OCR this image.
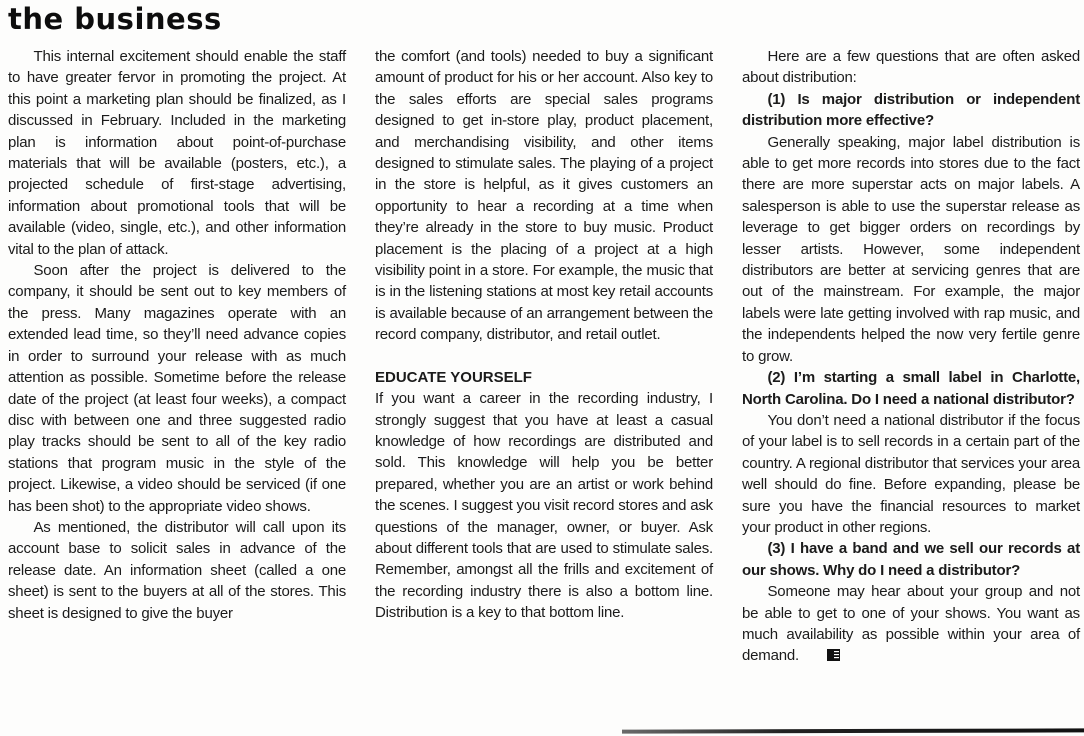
the business

This internal excitement should enable the staff to have greater fervor in promoting the project. At this point a marketing plan should be finalized, as I discussed in February. Included in the marketing plan is information about point-of-purchase materials that will be available (posters, etc.), a projected schedule of first-stage advertising, information about promotional tools that will be available (video, single, etc.), and other information vital to the plan of attack.

Soon after the project is delivered to the company, it should be sent out to key members of the press. Many magazines operate with an extended lead time, so they’ll need advance copies in order to surround your release with as much attention as possible. Sometime before the release date of the project (at least four weeks), a compact disc with between one and three suggested radio play tracks should be sent to all of the key radio stations that program music in the style of the project. Likewise, a video should be serviced (if one has been shot) to the appropriate video shows.

As mentioned, the distributor will call upon its account base to solicit sales in advance of the release date. An information sheet (called a one sheet) is sent to the buyers at all of the stores. This sheet is designed to give the buyer

the comfort (and tools) needed to buy a significant amount of product for his or her account. Also key to the sales efforts are special sales programs designed to get in-store play, product placement, and merchandising visibility, and other items designed to stimulate sales. The playing of a project in the store is helpful, as it gives customers an opportunity to hear a recording at a time when they’re already in the store to buy music. Product placement is the placing of a project at a high visibility point in a store. For example, the music that is in the listening stations at most key retail accounts is available because of an arrangement between the record company, distributor, and retail outlet.

EDUCATE YOURSELF

If you want a career in the recording industry, I strongly suggest that you have at least a casual knowledge of how recordings are distributed and sold. This knowledge will help you be better prepared, whether you are an artist or work behind the scenes. I suggest you visit record stores and ask questions of the manager, owner, or buyer. Ask about different tools that are used to stimulate sales. Remember, amongst all the frills and excitement of the recording industry there is also a bottom line. Distribution is a key to that bottom line.

Here are a few questions that are often asked about distribution:

(1) Is major distribution or independent distribution more effective?

Generally speaking, major label distribution is able to get more records into stores due to the fact there are more superstar acts on major labels. A salesperson is able to use the superstar release as leverage to get bigger orders on recordings by lesser artists. However, some independent distributors are better at servicing genres that are out of the mainstream. For example, the major labels were late getting involved with rap music, and the independents helped the now very fertile genre to grow.

(2) I’m starting a small label in Charlotte, North Carolina. Do I need a national distributor?

You don’t need a national distributor if the focus of your label is to sell records in a certain part of the country. A regional distributor that services your area well should do fine. Before expanding, please be sure you have the financial resources to market your product in other regions.

(3) I have a band and we sell our records at our shows. Why do I need a distributor?

Someone may hear about your group and not be able to get to one of your shows. You want as much availability as possible within your area of demand.
